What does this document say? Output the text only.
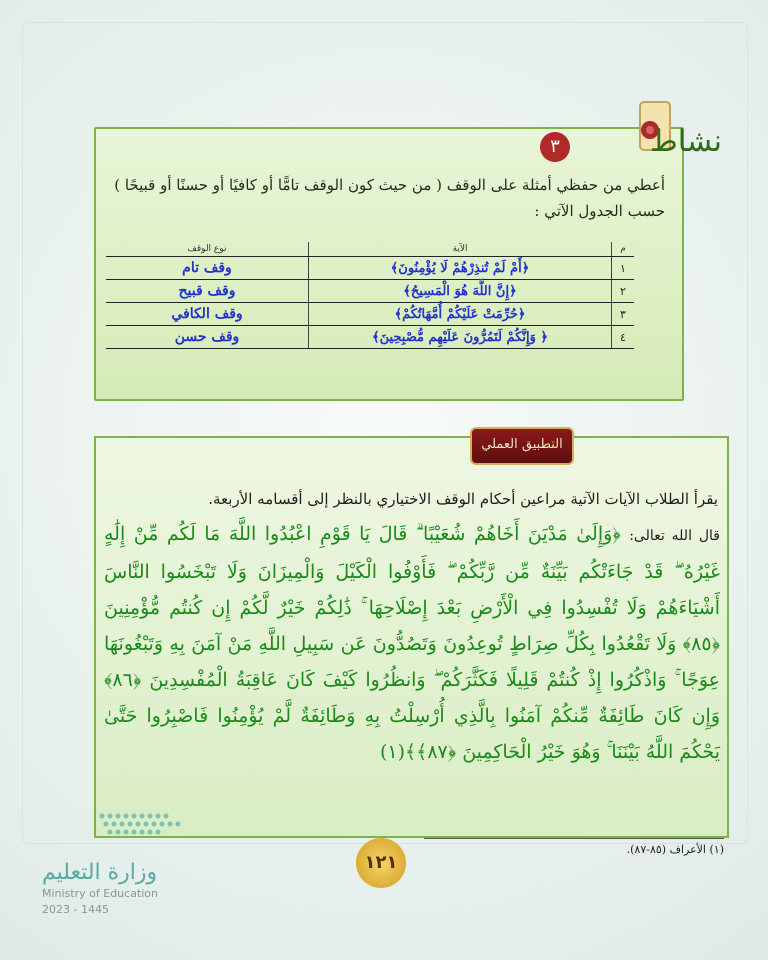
نشاط
٣
أعطي من حفظي أمثلة على الوقف ( من حيث كون الوقف تامًّا أو كافيًا أو حسنًا أو قبيحًا ) حسب الجدول الآتي :
م	الآية	نوع الوقف
١	﴿أَمْ لَمْ تُنذِرْهُمْ لَا يُؤْمِنُونَ﴾	وقف تام
٢	﴿إِنَّ اللَّهَ هُوَ الْمَسِيحُ﴾	وقف قبيح
٣	﴿حُرِّمَتْ عَلَيْكُمْ أُمَّهَاتُكُمْ﴾	وقف الكافي
٤	﴿ وَإِنَّكُمْ لَتَمُرُّونَ عَلَيْهِم مُّصْبِحِينَ﴾	وقف حسن
التطبيق العملي
يقرأ الطلاب الآيات الآتية مراعين أحكام الوقف الاختياري بالنظر إلى أقسامه الأربعة.
قال الله تعالى: ﴿وَإِلَىٰ مَدْيَنَ أَخَاهُمْ شُعَيْبًا ۗ قَالَ يَا قَوْمِ اعْبُدُوا اللَّهَ مَا لَكُم مِّنْ إِلَٰهٍ غَيْرُهُ ۖ قَدْ جَاءَتْكُم بَيِّنَةٌ مِّن رَّبِّكُمْ ۖ فَأَوْفُوا الْكَيْلَ وَالْمِيزَانَ وَلَا تَبْخَسُوا النَّاسَ أَشْيَاءَهُمْ وَلَا تُفْسِدُوا فِي الْأَرْضِ بَعْدَ إِصْلَاحِهَا ۚ ذَٰلِكُمْ خَيْرٌ لَّكُمْ إِن كُنتُم مُّؤْمِنِينَ ﴿٨٥﴾ وَلَا تَقْعُدُوا بِكُلِّ صِرَاطٍ تُوعِدُونَ وَتَصُدُّونَ عَن سَبِيلِ اللَّهِ مَنْ آمَنَ بِهِ وَتَبْغُونَهَا عِوَجًا ۚ وَاذْكُرُوا إِذْ كُنتُمْ قَلِيلًا فَكَثَّرَكُمْ ۖ وَانظُرُوا كَيْفَ كَانَ عَاقِبَةُ الْمُفْسِدِينَ ﴿٨٦﴾ وَإِن كَانَ طَائِفَةٌ مِّنكُمْ آمَنُوا بِالَّذِي أُرْسِلْتُ بِهِ وَطَائِفَةٌ لَّمْ يُؤْمِنُوا فَاصْبِرُوا حَتَّىٰ يَحْكُمَ اللَّهُ بَيْنَنَا ۚ وَهُوَ خَيْرُ الْحَاكِمِينَ ﴿٨٧﴾﴾(١)
(١) الأعراف (٨٥-٨٧).
١٢١
وزارة التعليم
Ministry of Education
2023 - 1445
